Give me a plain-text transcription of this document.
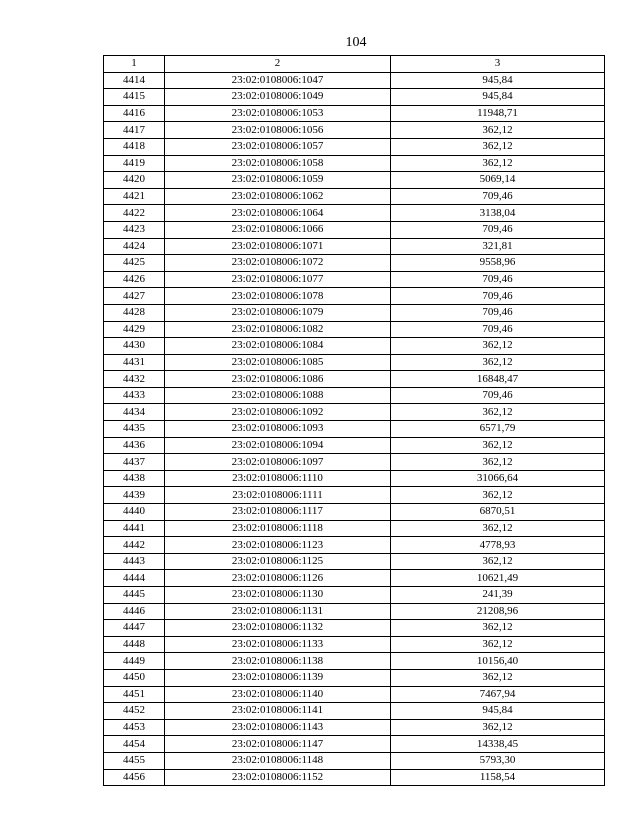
104
1	2	3
4414	23:02:0108006:1047	945,84
4415	23:02:0108006:1049	945,84
4416	23:02:0108006:1053	11948,71
4417	23:02:0108006:1056	362,12
4418	23:02:0108006:1057	362,12
4419	23:02:0108006:1058	362,12
4420	23:02:0108006:1059	5069,14
4421	23:02:0108006:1062	709,46
4422	23:02:0108006:1064	3138,04
4423	23:02:0108006:1066	709,46
4424	23:02:0108006:1071	321,81
4425	23:02:0108006:1072	9558,96
4426	23:02:0108006:1077	709,46
4427	23:02:0108006:1078	709,46
4428	23:02:0108006:1079	709,46
4429	23:02:0108006:1082	709,46
4430	23:02:0108006:1084	362,12
4431	23:02:0108006:1085	362,12
4432	23:02:0108006:1086	16848,47
4433	23:02:0108006:1088	709,46
4434	23:02:0108006:1092	362,12
4435	23:02:0108006:1093	6571,79
4436	23:02:0108006:1094	362,12
4437	23:02:0108006:1097	362,12
4438	23:02:0108006:1110	31066,64
4439	23:02:0108006:1111	362,12
4440	23:02:0108006:1117	6870,51
4441	23:02:0108006:1118	362,12
4442	23:02:0108006:1123	4778,93
4443	23:02:0108006:1125	362,12
4444	23:02:0108006:1126	10621,49
4445	23:02:0108006:1130	241,39
4446	23:02:0108006:1131	21208,96
4447	23:02:0108006:1132	362,12
4448	23:02:0108006:1133	362,12
4449	23:02:0108006:1138	10156,40
4450	23:02:0108006:1139	362,12
4451	23:02:0108006:1140	7467,94
4452	23:02:0108006:1141	945,84
4453	23:02:0108006:1143	362,12
4454	23:02:0108006:1147	14338,45
4455	23:02:0108006:1148	5793,30
4456	23:02:0108006:1152	1158,54
